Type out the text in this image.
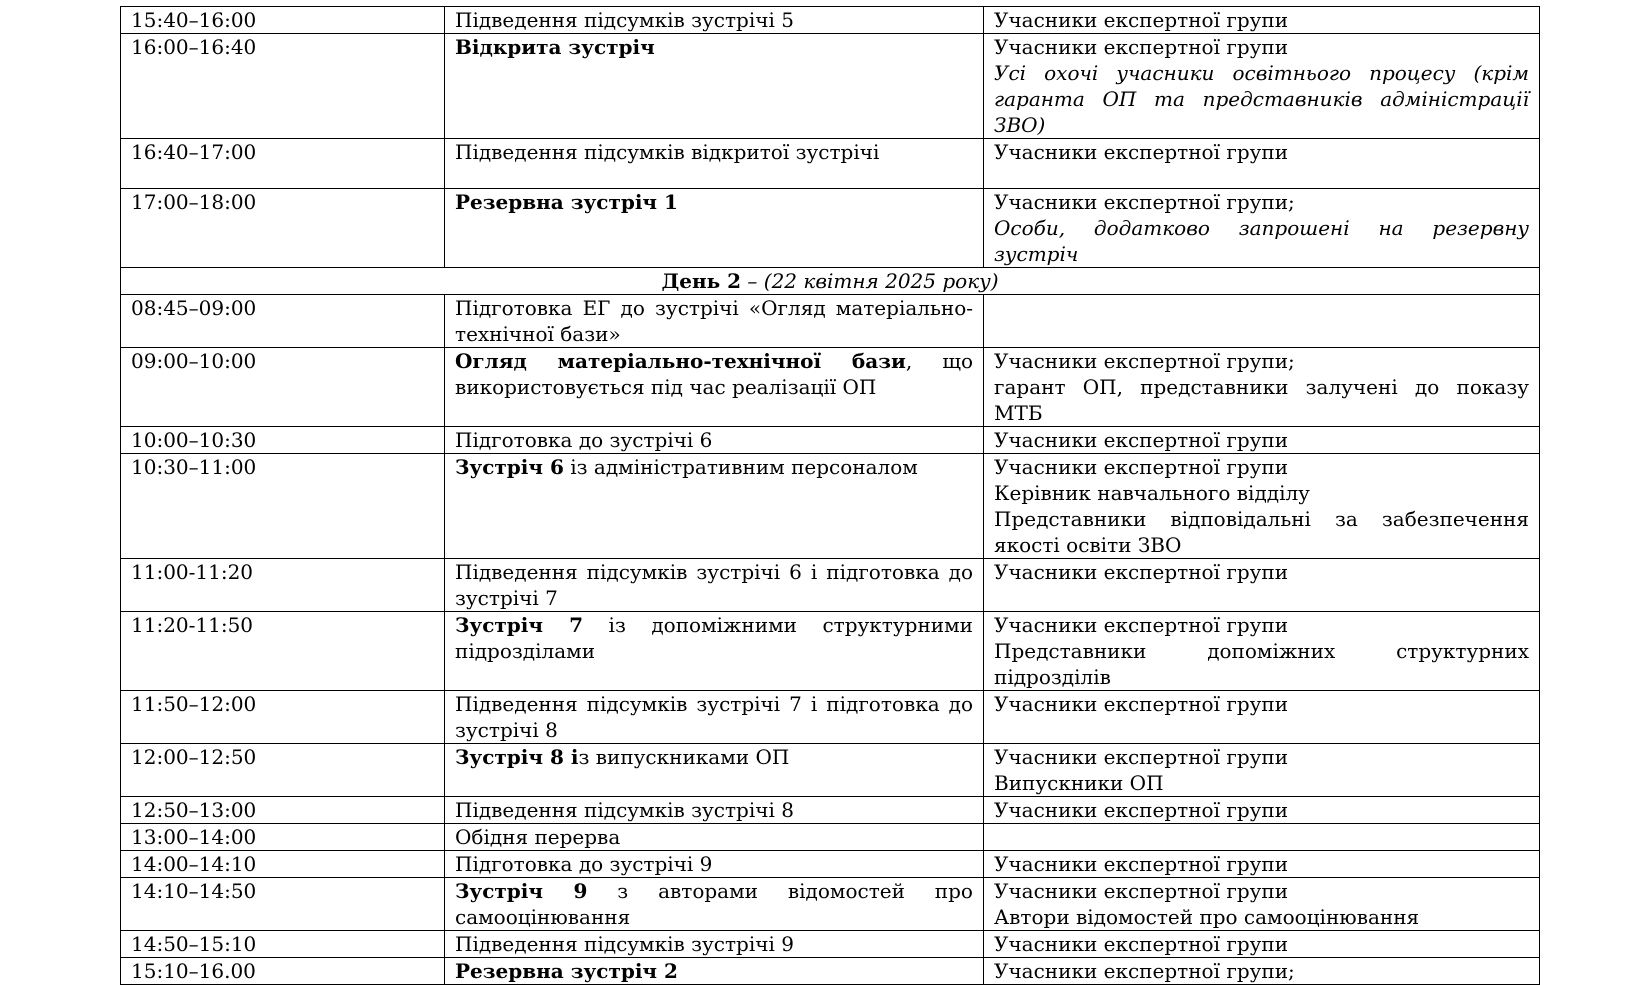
15:40–16:00	Підведення підсумків зустрічі 5	Учасники експертної групи

16:00–16:40	Відкрита зустріч	Учасники експертної групи
Усі охочі учасники освітнього процесу (крім гаранта ОП та представників адміністрації ЗВО)

16:40–17:00	Підведення підсумків відкритої зустрічі	Учасники експертної групи

17:00–18:00	Резервна зустріч 1	Учасники експертної групи;
Особи, додатково запрошені на резервну зустріч

День 2 – (22 квітня 2025 року)		
08:45–09:00	Підготовка ЕГ до зустрічі «Огляд матеріально-технічної бази»	
09:00–10:00	Огляд матеріально-технічної бази, що використовується під час реалізації ОП	Учасники експертної групи;
гарант ОП, представники залучені до показу МТБ

10:00–10:30	Підготовка до зустрічі 6	Учасники експертної групи

10:30–11:00	Зустріч 6 із адміністративним персоналом	Учасники експертної групи
Керівник навчального відділу
Представники відповідальні за забезпечення якості освіти ЗВО

11:00-11:20	Підведення підсумків зустрічі 6 і підготовка до зустрічі 7	Учасники експертної групи

11:20-11:50	Зустріч 7 із допоміжними структурними підрозділами	Учасники експертної групи
Представники допоміжних структурних підрозділів

11:50–12:00	Підведення підсумків зустрічі 7 і підготовка до зустрічі 8	Учасники експертної групи

12:00–12:50	Зустріч 8 із випускниками ОП	Учасники експертної групи
Випускники ОП

12:50–13:00	Підведення підсумків зустрічі 8	Учасники експертної групи

13:00–14:00	Обідня перерва	
14:00–14:10	Підготовка до зустрічі 9	Учасники експертної групи

14:10–14:50	Зустріч 9 з авторами відомостей про самооцінювання	Учасники експертної групи
Автори відомостей про самооцінювання

14:50–15:10	Підведення підсумків зустрічі 9	Учасники експертної групи

15:10–16.00	Резервна зустріч 2	Учасники експертної групи;
